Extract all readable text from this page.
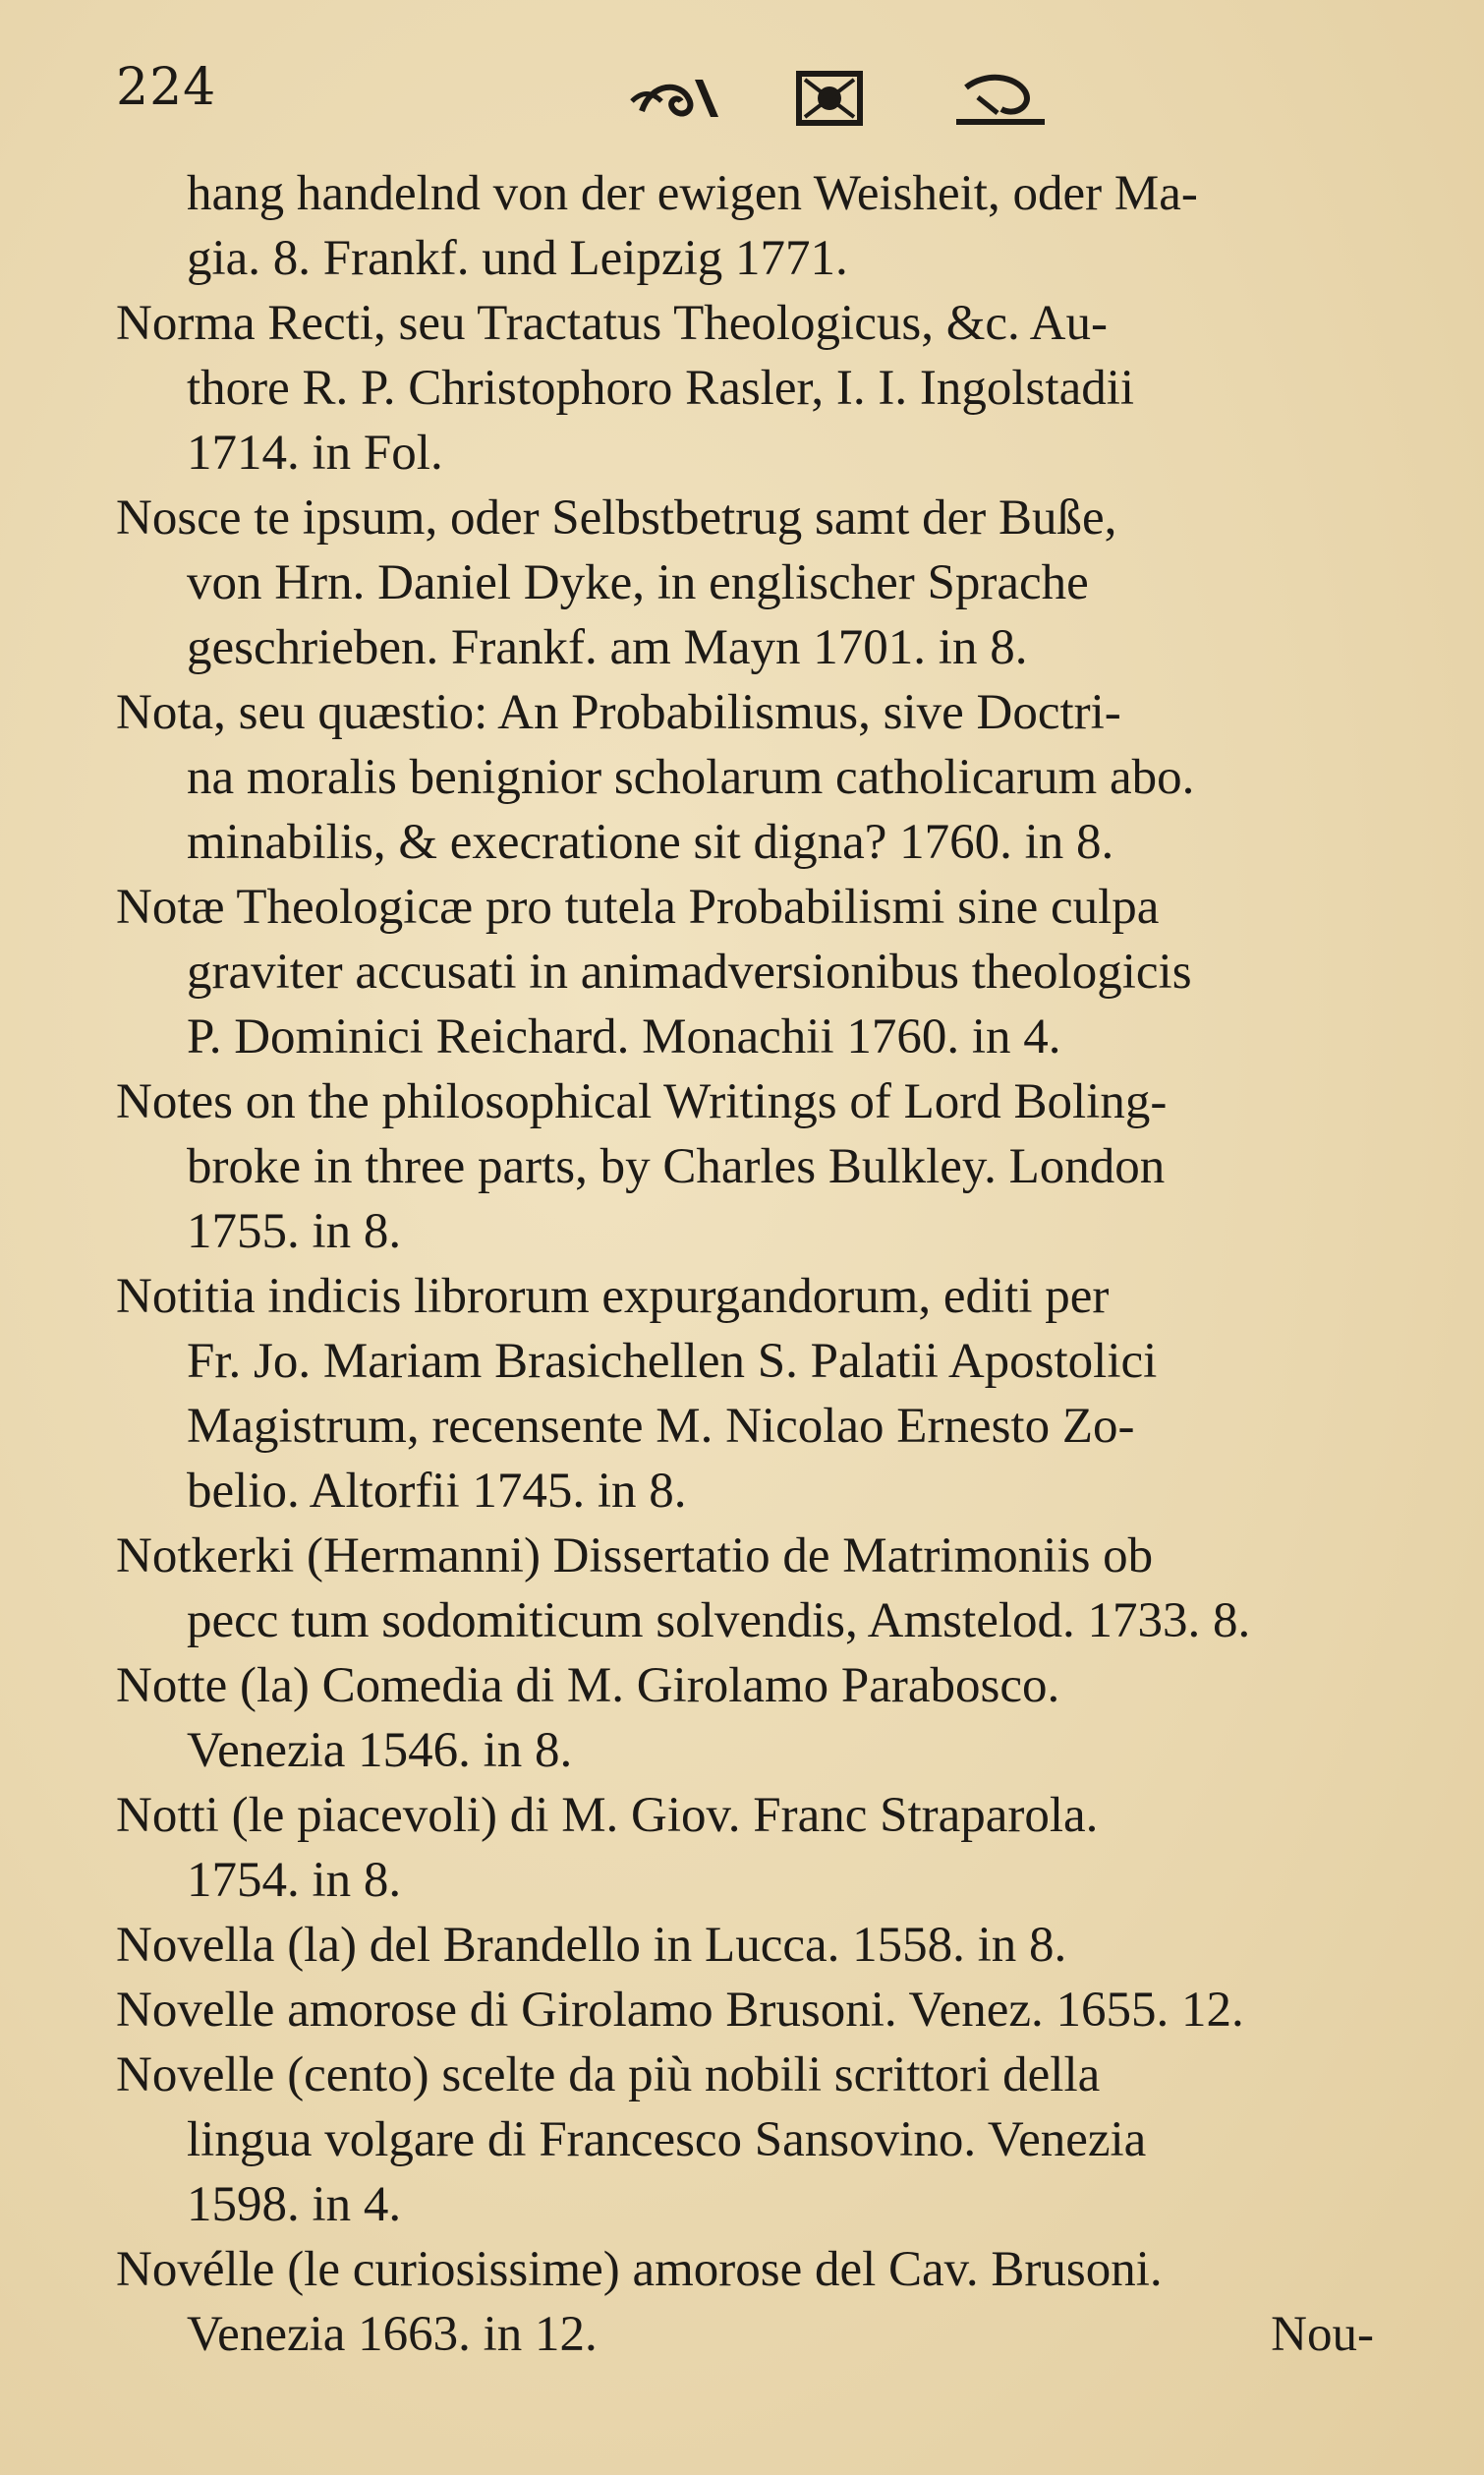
224
hang handelnd von der ewigen Weisheit, oder Ma-
gia. 8. Frankf. und Leipzig 1771.
Norma Recti, seu Tractatus Theologicus, &c. Au-
thore R. P. Christophoro Rasler, I. I. Ingolstadii
1714. in Fol.
Nosce te ipsum, oder Selbstbetrug samt der Buße,
von Hrn. Daniel Dyke, in englischer Sprache
geschrieben. Frankf. am Mayn 1701. in 8.
Nota, seu quæstio: An Probabilismus, sive Doctri-
na moralis benignior scholarum catholicarum abo.
minabilis, & execratione sit digna? 1760. in 8.
Notæ Theologicæ pro tutela Probabilismi sine culpa
graviter accusati in animadversionibus theologicis
P. Dominici Reichard. Monachii 1760. in 4.
Notes on the philosophical Writings of Lord Boling-
broke in three parts, by Charles Bulkley. London
1755. in 8.
Notitia indicis librorum expurgandorum, editi per
Fr. Jo. Mariam Brasichellen S. Palatii Apostolici
Magistrum, recensente M. Nicolao Ernesto Zo-
belio. Altorfii 1745. in 8.
Notkerki (Hermanni) Dissertatio de Matrimoniis ob
pecc tum sodomiticum solvendis, Amstelod. 1733. 8.
Notte (la) Comedia di M. Girolamo Parabosco.
Venezia 1546. in 8.
Notti (le piacevoli) di M. Giov. Franc Straparola.
1754. in 8.
Novella (la) del Brandello in Lucca. 1558. in 8.
Novelle amorose di Girolamo Brusoni. Venez. 1655. 12.
Novelle (cento) scelte da più nobili scrittori della
lingua volgare di Francesco Sansovino. Venezia
1598. in 4.
Novélle (le curiosissime) amorose del Cav. Brusoni.
Venezia 1663. in 12.	Nou-
